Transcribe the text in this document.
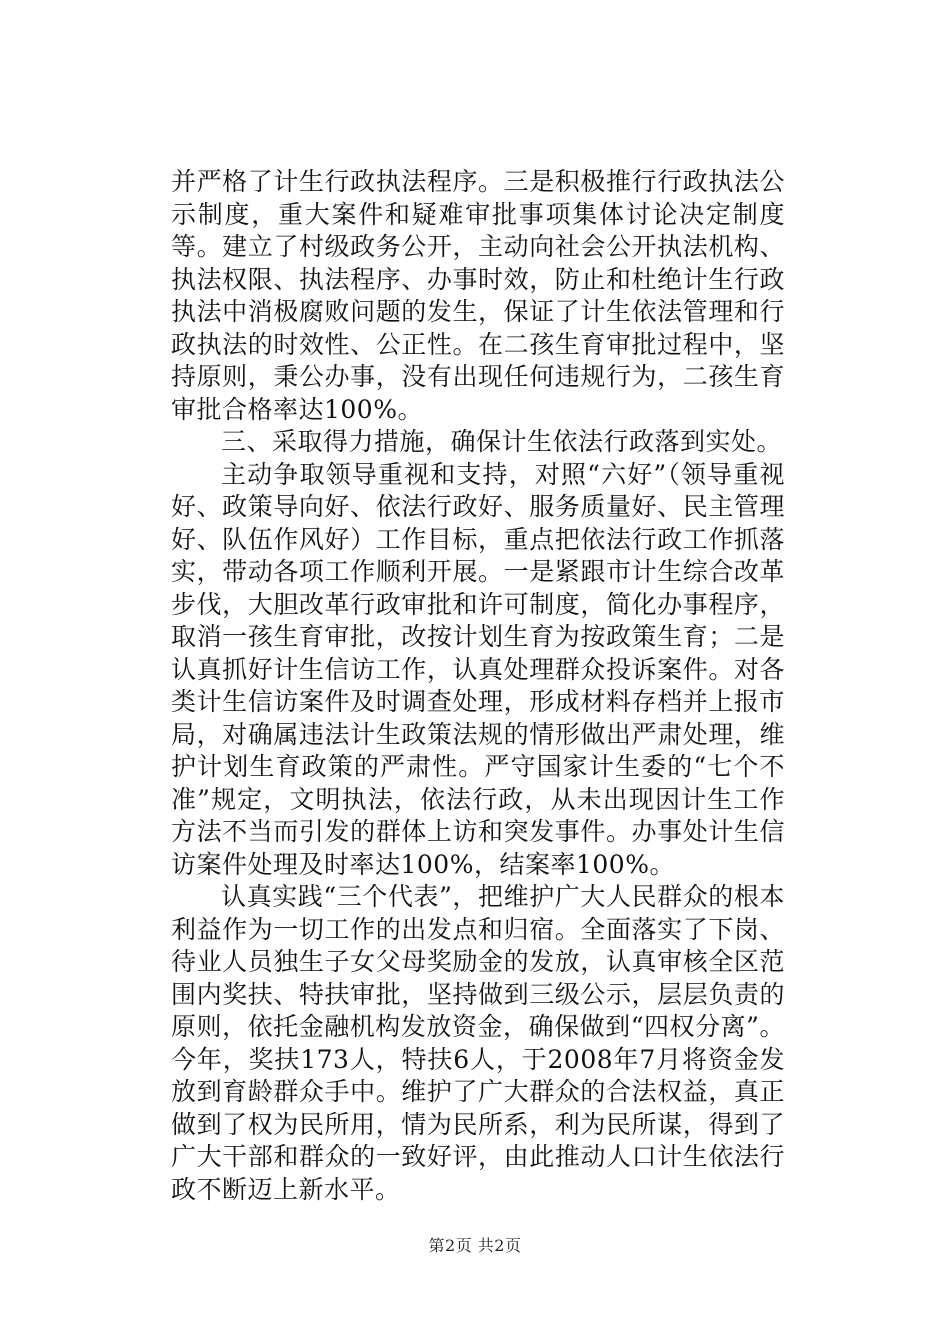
并严格了计生行政执法程序。三是积极推行行政执法公示制度，重大案件和疑难审批事项集体讨论决定制度等。建立了村级政务公开，主动向社会公开执法机构、执法权限、执法程序、办事时效，防止和杜绝计生行政执法中消极腐败问题的发生，保证了计生依法管理和行政执法的时效性、公正性。在二孩生育审批过程中，坚持原则，秉公办事，没有出现任何违规行为，二孩生育审批合格率达100%。

三、采取得力措施，确保计生依法行政落到实处。

主动争取领导重视和支持，对照“六好”（领导重视好、政策导向好、依法行政好、服务质量好、民主管理好、队伍作风好）工作目标，重点把依法行政工作抓落实，带动各项工作顺利开展。一是紧跟市计生综合改革步伐，大胆改革行政审批和许可制度，简化办事程序，取消一孩生育审批，改按计划生育为按政策生育；二是认真抓好计生信访工作，认真处理群众投诉案件。对各类计生信访案件及时调查处理，形成材料存档并上报市局，对确属违法计生政策法规的情形做出严肃处理，维护计划生育政策的严肃性。严守国家计生委的“七个不准”规定，文明执法，依法行政，从未出现因计生工作方法不当而引发的群体上访和突发事件。办事处计生信访案件处理及时率达100%，结案率100%。

认真实践“三个代表”，把维护广大人民群众的根本利益作为一切工作的出发点和归宿。全面落实了下岗、待业人员独生子女父母奖励金的发放，认真审核全区范围内奖扶、特扶审批，坚持做到三级公示，层层负责的原则，依托金融机构发放资金，确保做到“四权分离”。今年，奖扶173人，特扶6人，于2008年7月将资金发放到育龄群众手中。维护了广大群众的合法权益，真正做到了权为民所用，情为民所系，利为民所谋，得到了广大干部和群众的一致好评，由此推动人口计生依法行政不断迈上新水平。

第2页 共2页
